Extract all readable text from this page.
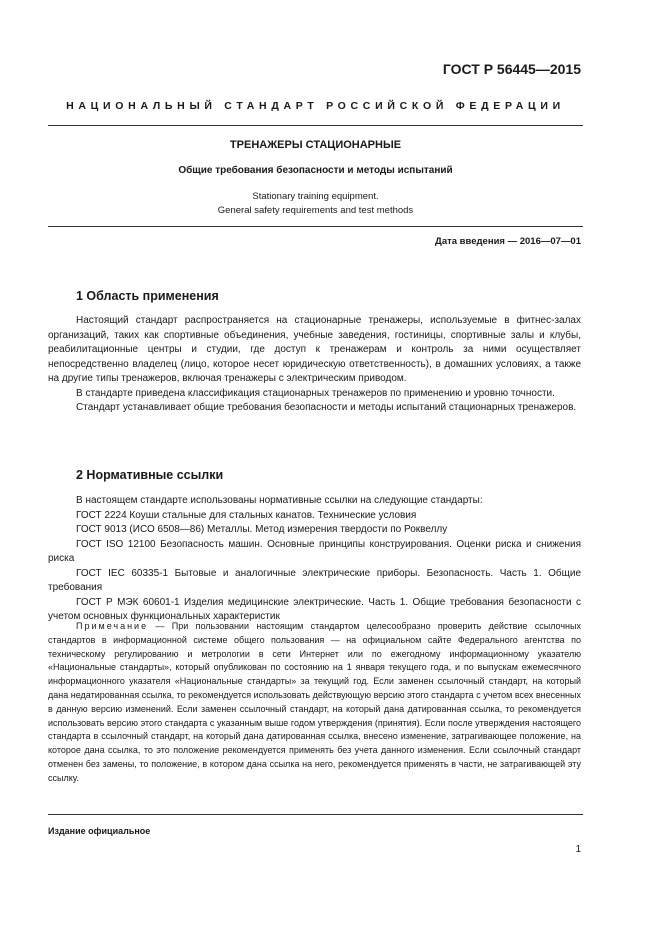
ГОСТ Р 56445—2015
НАЦИОНАЛЬНЫЙ СТАНДАРТ РОССИЙСКОЙ ФЕДЕРАЦИИ
ТРЕНАЖЕРЫ СТАЦИОНАРНЫЕ
Общие требования безопасности и методы испытаний
Stationary training equipment.
General safety requirements and test methods
Дата введения — 2016—07—01
1 Область применения

Настоящий стандарт распространяется на стационарные тренажеры, используемые в фитнес-залах организаций, таких как спортивные объединения, учебные заведения, гостиницы, спортивные залы и клубы, реабилитационные центры и студии, где доступ к тренажерам и контроль за ними осуществляет непосредственно владелец (лицо, которое несет юридическую ответственность), в домашних условиях, а также на другие типы тренажеров, включая тренажеры с электрическим приводом.

В стандарте приведена классификация стационарных тренажеров по применению и уровню точности.

Стандарт устанавливает общие требования безопасности и методы испытаний стационарных тренажеров.

2 Нормативные ссылки

В настоящем стандарте использованы нормативные ссылки на следующие стандарты:

ГОСТ 2224 Коуши стальные для стальных канатов. Технические условия

ГОСТ 9013 (ИСО 6508—86) Металлы. Метод измерения твердости по Роквеллу

ГОСТ ISO 12100 Безопасность машин. Основные принципы конструирования. Оценки риска и снижения риска

ГОСТ IEC 60335-1 Бытовые и аналогичные электрические приборы. Безопасность. Часть 1. Общие требования

ГОСТ Р МЭК 60601-1 Изделия медицинские электрические. Часть 1. Общие требования безопасности с учетом основных функциональных характеристик

Примечание — При пользовании настоящим стандартом целесообразно проверить действие ссылочных стандартов в информационной системе общего пользования — на официальном сайте Федерального агентства по техническому регулированию и метрологии в сети Интернет или по ежегодному информационному указателю «Национальные стандарты», который опубликован по состоянию на 1 января текущего года, и по выпускам ежемесячного информационного указателя «Национальные стандарты» за текущий год. Если заменен ссылочный стандарт, на который дана недатированная ссылка, то рекомендуется использовать действующую версию этого стандарта с учетом всех внесенных в данную версию изменений. Если заменен ссылочный стандарт, на который дана датированная ссылка, то рекомендуется использовать версию этого стандарта с указанным выше годом утверждения (принятия). Если после утверждения настоящего стандарта в ссылочный стандарт, на который дана датированная ссылка, внесено изменение, затрагивающее положение, на которое дана ссылка, то это положение рекомендуется применять без учета данного изменения. Если ссылочный стандарт отменен без замены, то положение, в котором дана ссылка на него, рекомендуется применять в части, не затрагивающей эту ссылку.
Издание официальное
1
